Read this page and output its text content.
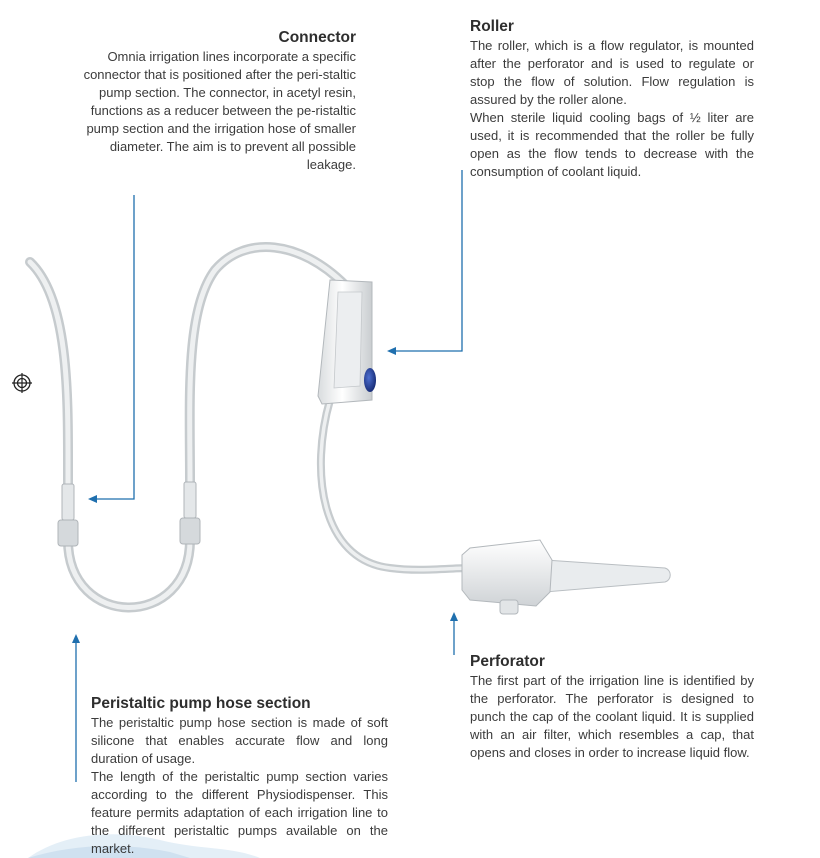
Connector

Omnia irrigation lines incorporate a specific connector that is positioned after the peri-staltic pump section. The connector, in acetyl resin, functions as a reducer between the pe-ristaltic pump section and the irrigation hose of smaller diameter. The aim is to prevent all possible leakage.

Roller

The roller, which is a flow regulator, is mounted after the perforator and is used to regulate or stop the flow of solution. Flow regulation is assured by the roller alone.

When sterile liquid cooling bags of ½ liter are used, it is recommended that the roller be fully open as the flow tends to decrease with the consumption of coolant liquid.

Perforator

The first part of the irrigation line is identified by the perforator. The perforator is designed to punch the cap of the coolant liquid. It is supplied with an air filter, which resembles a cap, that opens and closes in order to increase liquid flow.

Peristaltic pump hose section

The peristaltic pump hose section is made of soft silicone that enables accurate flow and long duration of usage.

The length of the peristaltic pump section varies according to the different Physiodispenser. This feature permits adaptation of each irrigation line to the different peristaltic pumps available on the market.
